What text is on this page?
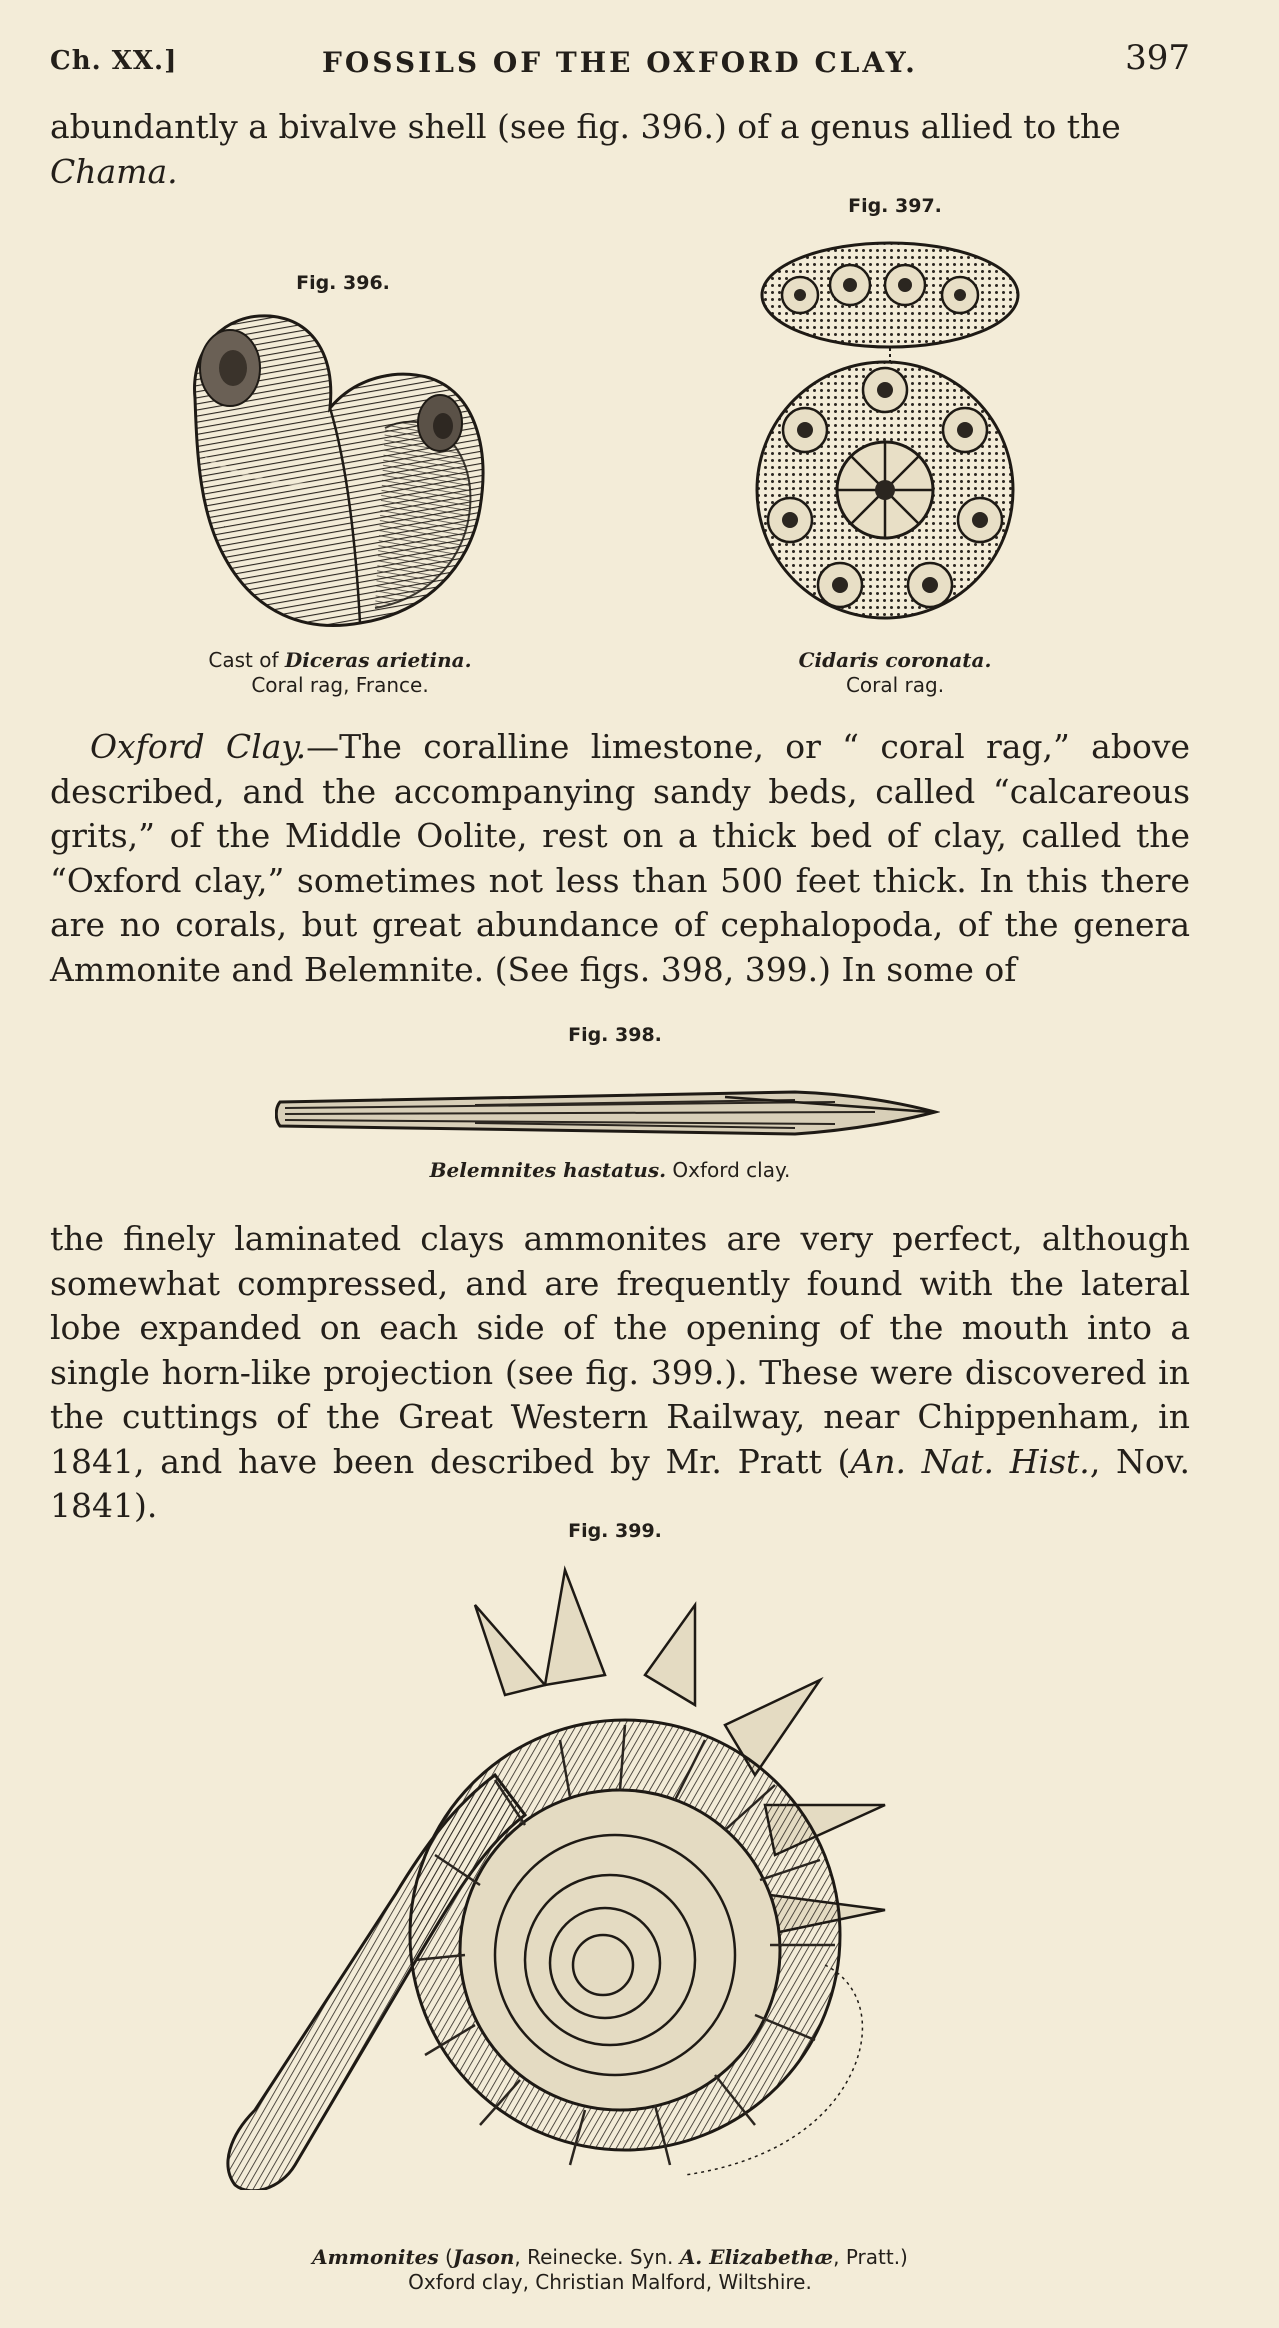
Ch. XX.]	FOSSILS OF THE OXFORD CLAY.	397

abundantly a bivalve shell (see fig. 396.) of a genus allied to the
Chama.

Fig. 396.
Cast of Diceras arietina.
Coral rag, France.
Fig. 397.
Cidaris coronata.
Coral rag.

Oxford Clay.—The coralline limestone, or “ coral rag,” above described, and the accompanying sandy beds, called “calcareous grits,” of the Middle Oolite, rest on a thick bed of clay, called the “Oxford clay,” sometimes not less than 500 feet thick. In this there are no corals, but great abundance of cephalopoda, of the genera Ammonite and Belemnite. (See figs. 398, 399.) In some of

Fig. 398.
Belemnites hastatus. Oxford clay.

the finely laminated clays ammonites are very perfect, although somewhat compressed, and are frequently found with the lateral lobe expanded on each side of the opening of the mouth into a single horn-like projection (see fig. 399.). These were discovered in the cuttings of the Great Western Railway, near Chippenham, in 1841, and have been described by Mr. Pratt (An. Nat. Hist., Nov. 1841).

Fig. 399.
Ammonites (Jason, Reinecke. Syn. A. Elizabethæ, Pratt.)
Oxford clay, Christian Malford, Wiltshire.
